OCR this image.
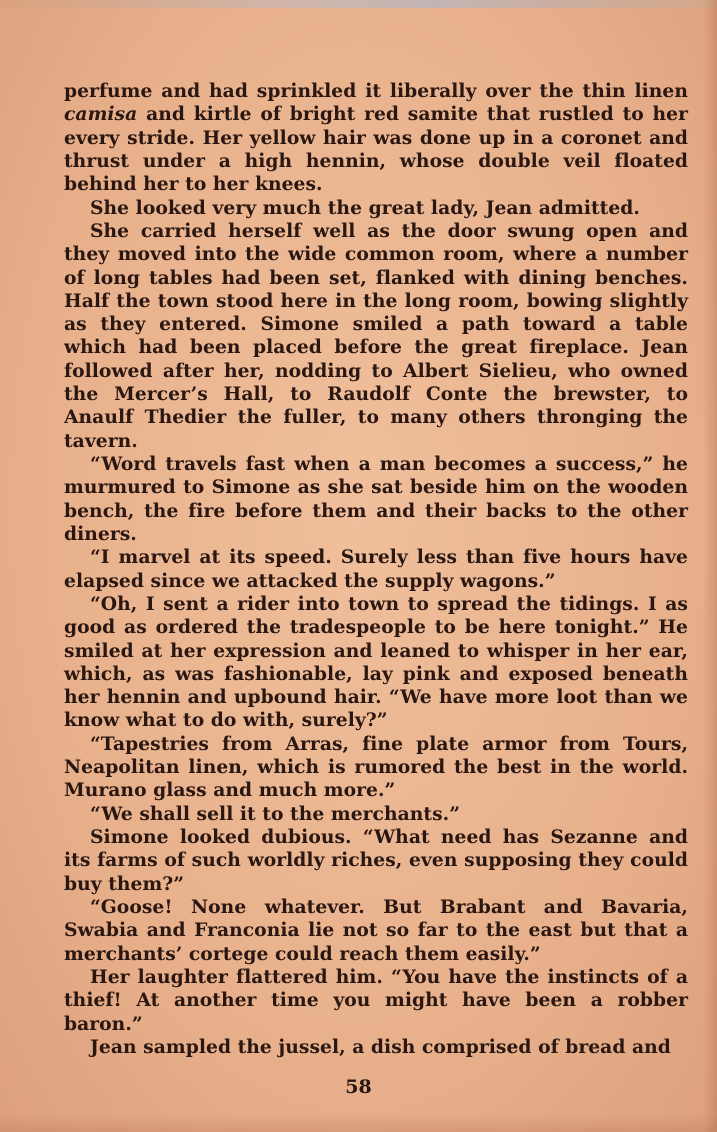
perfume and had sprinkled it liberally over the thin linen camisa and kirtle of bright red samite that rustled to her every stride. Her yellow hair was done up in a coronet and thrust under a high hennin, whose double veil floated behind her to her knees.

She looked very much the great lady, Jean admitted.

She carried herself well as the door swung open and they moved into the wide common room, where a number of long tables had been set, flanked with dining benches. Half the town stood here in the long room, bowing slightly as they entered. Simone smiled a path toward a table which had been placed before the great fireplace. Jean followed after her, nodding to Albert Sielieu, who owned the Mercer’s Hall, to Raudolf Conte the brewster, to Anaulf Thedier the fuller, to many others thronging the tavern.

“Word travels fast when a man becomes a success,” he murmured to Simone as she sat beside him on the wooden bench, the fire before them and their backs to the other diners.

“I marvel at its speed. Surely less than five hours have elapsed since we attacked the supply wagons.”

“Oh, I sent a rider into town to spread the tidings. I as good as ordered the tradespeople to be here tonight.” He smiled at her expression and leaned to whisper in her ear, which, as was fashionable, lay pink and exposed beneath her hennin and upbound hair. “We have more loot than we know what to do with, surely?”

“Tapestries from Arras, fine plate armor from Tours, Neapolitan linen, which is rumored the best in the world. Murano glass and much more.”

“We shall sell it to the merchants.”

Simone looked dubious. “What need has Sezanne and its farms of such worldly riches, even supposing they could buy them?”

“Goose! None whatever. But Brabant and Bavaria, Swabia and Franconia lie not so far to the east but that a merchants’ cortege could reach them easily.”

Her laughter flattered him. “You have the instincts of a thief! At another time you might have been a robber baron.”

Jean sampled the jussel, a dish comprised of bread and

58
